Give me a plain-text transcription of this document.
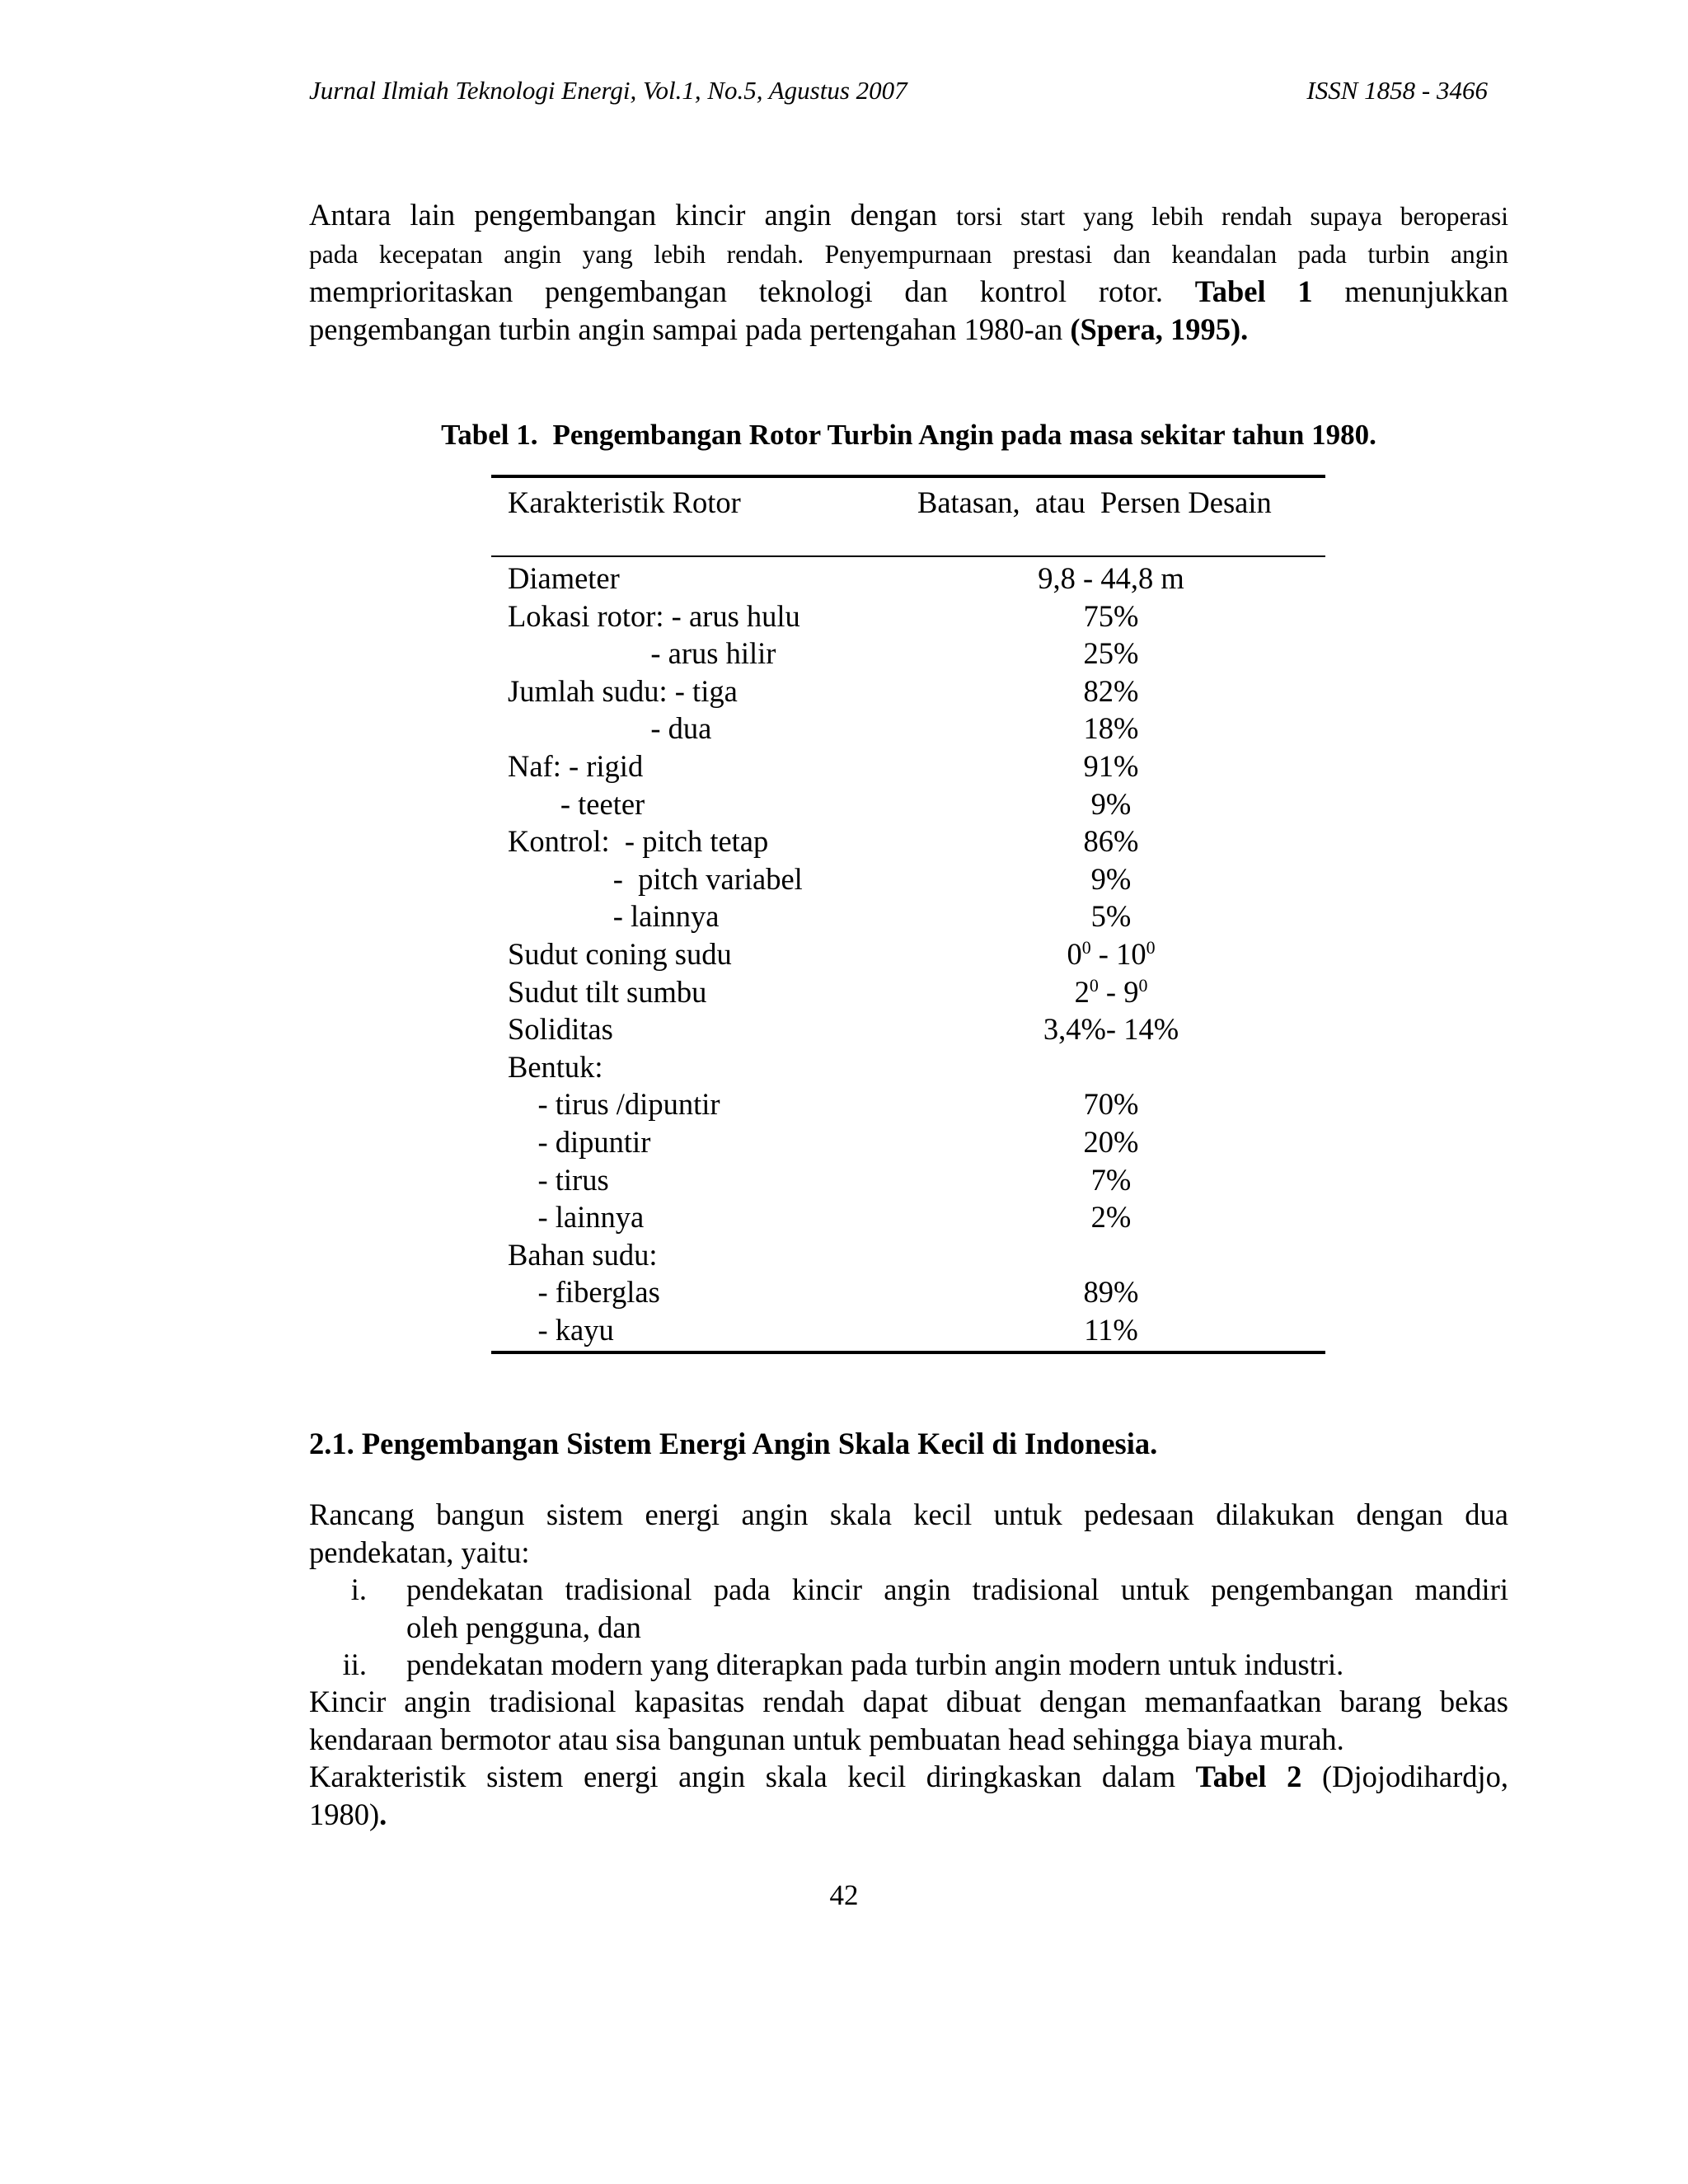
Jurnal Ilmiah Teknologi Energi, Vol.1, No.5, Agustus 2007	ISSN 1858 - 3466
Antara lain pengembangan kincir angin dengan torsi start yang lebih rendah supaya beroperasi
pada kecepatan angin yang lebih rendah. Penyempurnaan prestasi dan keandalan pada turbin angin
memprioritaskan pengembangan teknologi dan kontrol rotor. Tabel 1 menunjukkan
pengembangan turbin angin sampai pada pertengahan 1980-an (Spera, 1995).
Tabel 1. Pengembangan Rotor Turbin Angin pada masa sekitar tahun 1980.
Karakteristik Rotor	Batasan,  atau  Persen Desain
Diameter	9,8 - 44,8 m
Lokasi rotor: - arus hulu	75%
- arus hilir	25%
Jumlah sudu: - tiga	82%
- dua	18%
Naf: - rigid	91%
- teeter	9%
Kontrol:  - pitch tetap	86%
-  pitch variabel	9%
- lainnya	5%
Sudut coning sudu	$0^0 - 10^0$
Sudut tilt sumbu	$2^0 - 9^0$
Soliditas	3,4%- 14%
Bentuk:
- tirus /dipuntir	70%
- dipuntir	20%
- tirus	7%
- lainnya	2%
Bahan sudu:
- fiberglas	89%
- kayu	11%
2.1. Pengembangan Sistem Energi Angin Skala Kecil di Indonesia.
Rancang bangun sistem energi angin skala kecil untuk pedesaan dilakukan dengan dua
pendekatan, yaitu:
i. pendekatan tradisional pada kincir angin tradisional untuk pengembangan mandiri
oleh pengguna, dan
ii. pendekatan modern yang diterapkan pada turbin angin modern untuk industri.
Kincir angin tradisional kapasitas rendah dapat dibuat dengan memanfaatkan barang bekas
kendaraan bermotor atau sisa bangunan untuk pembuatan head sehingga biaya murah.
Karakteristik sistem energi angin skala kecil diringkaskan dalam Tabel 2 (Djojodihardjo,
1980).
42
